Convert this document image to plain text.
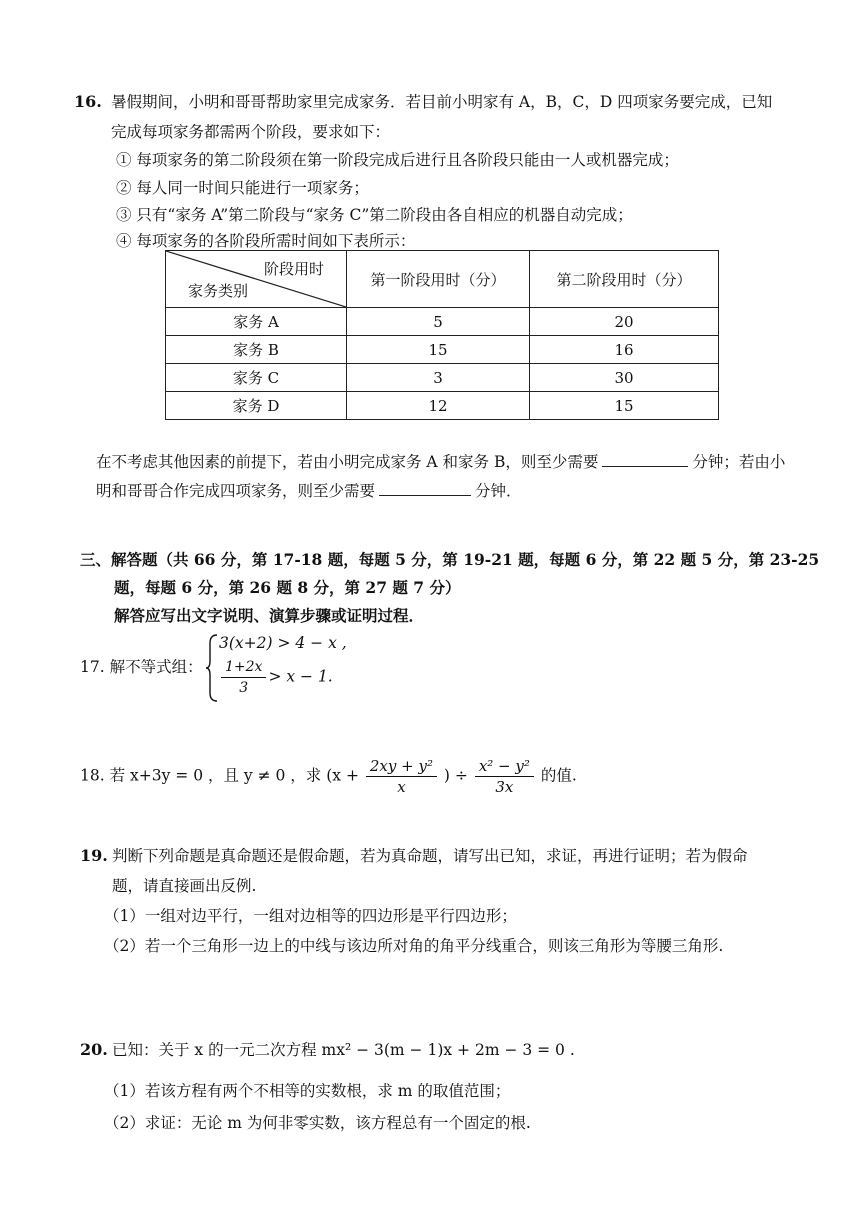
16. 暑假期间，小明和哥哥帮助家里完成家务．若目前小明家有 A，B，C，D 四项家务要完成，已知
完成每项家务都需两个阶段，要求如下：
① 每项家务的第二阶段须在第一阶段完成后进行且各阶段只能由一人或机器完成；
② 每人同一时间只能进行一项家务；
③ 只有“家务 A”第二阶段与“家务 C”第二阶段由各自相应的机器自动完成；
④ 每项家务的各阶段所需时间如下表所示：
阶段用时
家务类别	第一阶段用时（分）	第二阶段用时（分）
家务 A	5	20
家务 B	15	16
家务 C	3	30
家务 D	12	15
在不考虑其他因素的前提下，若由小明完成家务 A 和家务 B，则至少需要	分钟；若由小
明和哥哥合作完成四项家务，则至少需要	分钟．
三、解答题（共 66 分，第 17-18 题，每题 5 分，第 19-21 题，每题 6 分，第 22 题 5 分，第 23-25
题，每题 6 分，第 26 题 8 分，第 27 题 7 分）
解答应写出文字说明、演算步骤或证明过程．
17. 解不等式组：
3(x+2) > 4 − x ,
$\frac{1+2x}{3} > x - 1$.
18. 若 x+3y = 0 ，且 y ≠ 0 ，求 ($x + \frac{\text{2xy + y²}}{x}$ ) ÷ $\frac{\text{x² − y²}}{3x}$ 的值.
19. 判断下列命题是真命题还是假命题，若为真命题，请写出已知，求证，再进行证明；若为假命
题，请直接画出反例.
（1）一组对边平行，一组对边相等的四边形是平行四边形；
（2）若一个三角形一边上的中线与该边所对角的角平分线重合，则该三角形为等腰三角形.
20. 已知：关于 x 的一元二次方程 mx² − 3(m − 1)x + 2m − 3 = 0 .
（1）若该方程有两个不相等的实数根，求 m 的取值范围；
（2）求证：无论 m 为何非零实数，该方程总有一个固定的根.
